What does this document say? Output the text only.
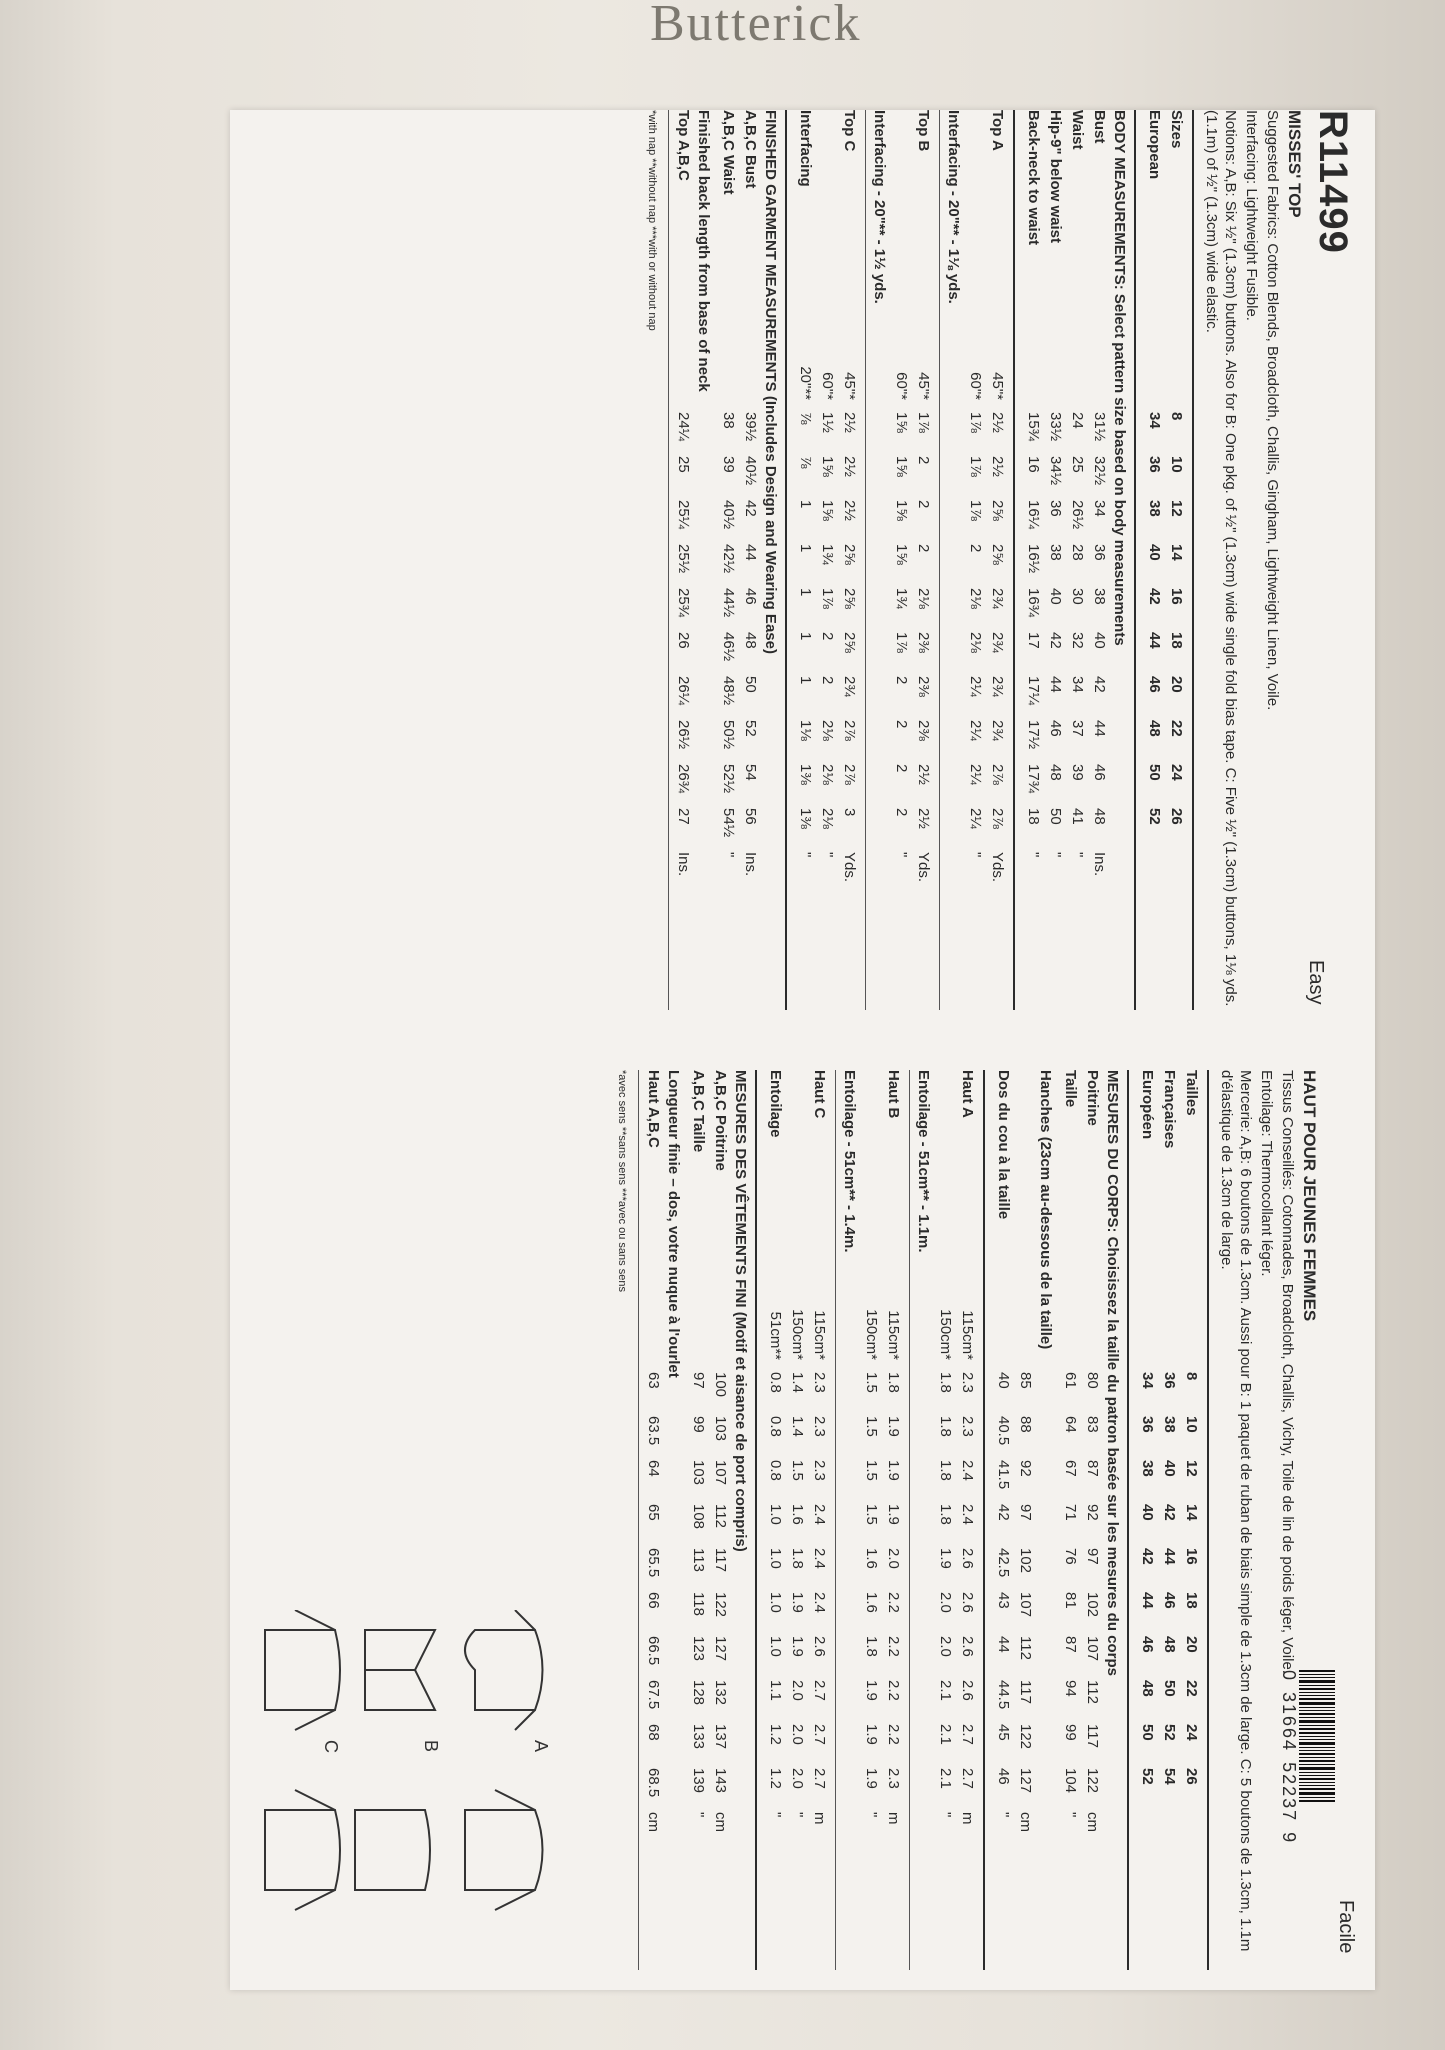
Butterick
R11499
Easy
MISSES' TOP
Suggested Fabrics: Cotton Blends, Broadcloth, Challis, Gingham, Lightweight Linen, Voile.
Interfacing: Lightweight Fusible.
Notions: A,B: Six ½" (1.3cm) buttons. Also for B: One pkg. of ½" (1.3cm) wide single fold bias tape. C: Five ½" (1.3cm) buttons, 1⅛ yds. (1.1m) of ½" (1.3cm) wide elastic.
Sizes		8	10	12	14	16	18	20	22	24	26	
European		34	36	38	40	42	44	46	48	50	52	
BODY MEASUREMENTS: Select pattern size based on body measurements
Bust		31½	32½	34	36	38	40	42	44	46	48	Ins.
Waist		24	25	26½	28	30	32	34	37	39	41	"
Hip-9" below waist		33½	34½	36	38	40	42	44	46	48	50	"
Back-neck to waist		15¾	16	16¼	16½	16¾	17	17¼	17½	17¾	18	"
Top A	45"*	2½	2½	2⅝	2⅝	2¾	2¾	2¾	2¾	2⅞	2⅞	Yds.
	60"*	1⅞	1⅞	1⅞	2	2⅛	2⅛	2¼	2¼	2¼	2¼	"
Interfacing - 20"** - 1⅛ yds.
Top B	45"*	1⅞	2	2	2	2⅛	2⅜	2⅜	2⅜	2½	2½	Yds.
	60"*	1⅝	1⅝	1⅝	1⅝	1¾	1⅞	2	2	2	2	"
Interfacing - 20"** - 1½ yds.
Top C	45"*	2½	2½	2½	2⅝	2⅝	2⅝	2¾	2⅞	2⅞	3	Yds.
	60"*	1½	1⅝	1⅝	1¾	1⅞	2	2	2⅛	2⅛	2⅛	"
Interfacing	20"**	⅞	⅞	1	1	1	1	1	1⅛	1⅜	1⅜	"
FINISHED GARMENT MEASUREMENTS (Includes Design and Wearing Ease)
A,B,C Bust		39½	40½	42	44	46	48	50	52	54	56	Ins.
A,B,C Waist		38	39	40½	42½	44½	46½	48½	50½	52½	54½	"
Finished back length from base of neck
Top A,B,C		24¼	25	25¼	25½	25¾	26	26¼	26½	26¾	27	Ins.
*with nap **without nap ***with or without nap
Facile
HAUT POUR JEUNES FEMMES
Tissus Conseillés: Cotonnades, Broadcloth, Challis, Vichy, Toile de lin de poids léger, Voile.
Entoilage: Thermocollant léger.
Mercerie: A,B: 6 boutons de 1.3cm. Aussi pour B: 1 paquet de ruban de biais simple de 1.3cm de large. C: 5 boutons de 1.3cm, 1.1m d'élastique de 1.3cm de large.
Tailles		8	10	12	14	16	18	20	22	24	26	
Françaises		36	38	40	42	44	46	48	50	52	54	
Européen		34	36	38	40	42	44	46	48	50	52	
MESURES DU CORPS: Choisissez la taille du patron basée sur les mesures du corps
Poitrine		80	83	87	92	97	102	107	112	117	122	cm
Taille		61	64	67	71	76	81	87	94	99	104	"
Hanches (23cm au-dessous de la taille)
		85	88	92	97	102	107	112	117	122	127	cm
Dos du cou à la taille		40	40.5	41.5	42	42.5	43	44	44.5	45	46	"
Haut A	115cm*	2.3	2.3	2.4	2.4	2.6	2.6	2.6	2.6	2.7	2.7	m
	150cm*	1.8	1.8	1.8	1.8	1.9	2.0	2.0	2.1	2.1	2.1	"
Entoilage - 51cm** - 1.1m.
Haut B	115cm*	1.8	1.9	1.9	1.9	2.0	2.2	2.2	2.2	2.2	2.3	m
	150cm*	1.5	1.5	1.5	1.5	1.6	1.6	1.8	1.9	1.9	1.9	"
Entoilage - 51cm** - 1.4m.
Haut C	115cm*	2.3	2.3	2.3	2.4	2.4	2.4	2.6	2.7	2.7	2.7	m
	150cm*	1.4	1.4	1.5	1.6	1.8	1.9	1.9	2.0	2.0	2.0	"
Entoilage	51cm**	0.8	0.8	0.8	1.0	1.0	1.0	1.0	1.1	1.2	1.2	"
MESURES DES VÊTEMENTS FINI (Motif et aisance de port compris)
A,B,C Poitrine		100	103	107	112	117	122	127	132	137	143	cm
A,B,C Taille		97	99	103	108	113	118	123	128	133	139	"
Longueur finie – dos, votre nuque à l'ourlet
Haut A,B,C		63	63.5	64	65	65.5	66	66.5	67.5	68	68.5	cm
*avec sens **sans sens ***avec ou sans sens
A
B
C
0
31664
52237
9
